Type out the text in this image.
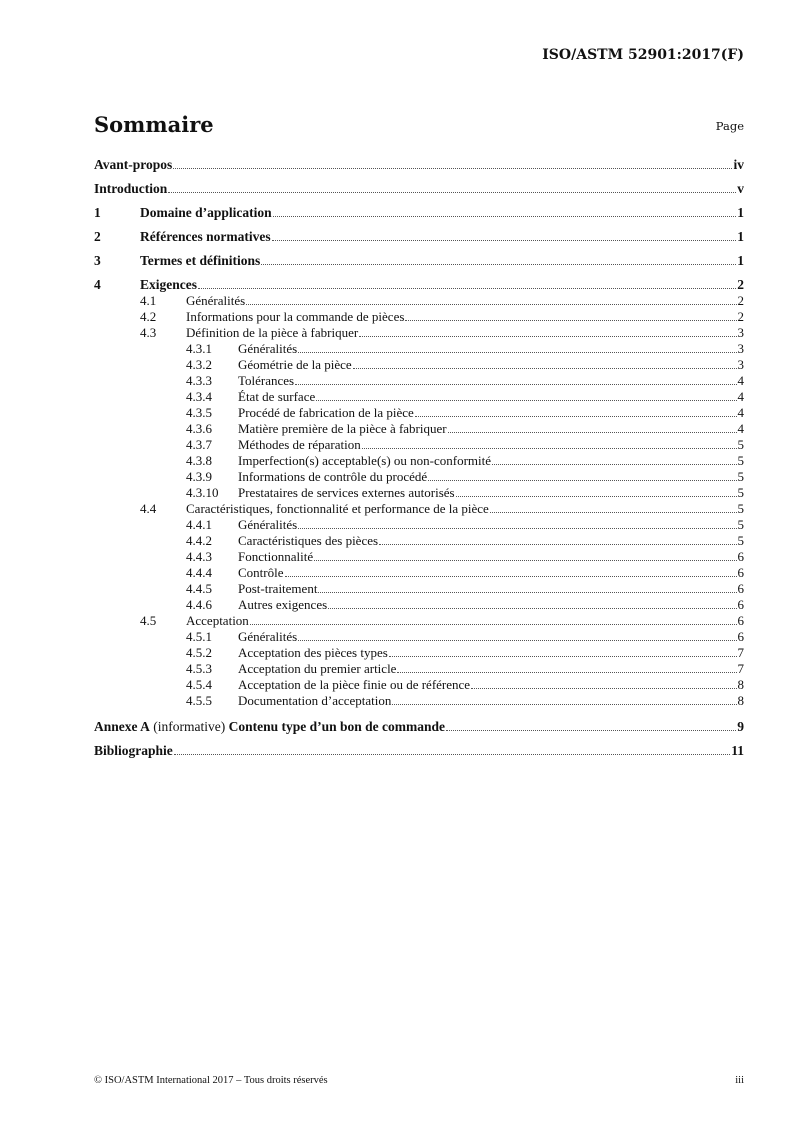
ISO/ASTM 52901:2017(F)
Sommaire	Page
Avant-propos	iv
Introduction	v
1	Domaine d’application	1
2	Références normatives	1
3	Termes et définitions	1
4	Exigences	2
4.1	Généralités	2
4.2	Informations pour la commande de pièces	2
4.3	Définition de la pièce à fabriquer	3
4.3.1	Généralités	3
4.3.2	Géométrie de la pièce	3
4.3.3	Tolérances	4
4.3.4	État de surface	4
4.3.5	Procédé de fabrication de la pièce	4
4.3.6	Matière première de la pièce à fabriquer	4
4.3.7	Méthodes de réparation	5
4.3.8	Imperfection(s) acceptable(s) ou non-conformité	5
4.3.9	Informations de contrôle du procédé	5
4.3.10	Prestataires de services externes autorisés	5
4.4	Caractéristiques, fonctionnalité et performance de la pièce	5
4.4.1	Généralités	5
4.4.2	Caractéristiques des pièces	5
4.4.3	Fonctionnalité	6
4.4.4	Contrôle	6
4.4.5	Post-traitement	6
4.4.6	Autres exigences	6
4.5	Acceptation	6
4.5.1	Généralités	6
4.5.2	Acceptation des pièces types	7
4.5.3	Acceptation du premier article	7
4.5.4	Acceptation de la pièce finie ou de référence	8
4.5.5	Documentation d’acceptation	8
Annexe A (informative) Contenu type d’un bon de commande	9
Bibliographie	11
© ISO/ASTM International 2017 – Tous droits réservés	iii
